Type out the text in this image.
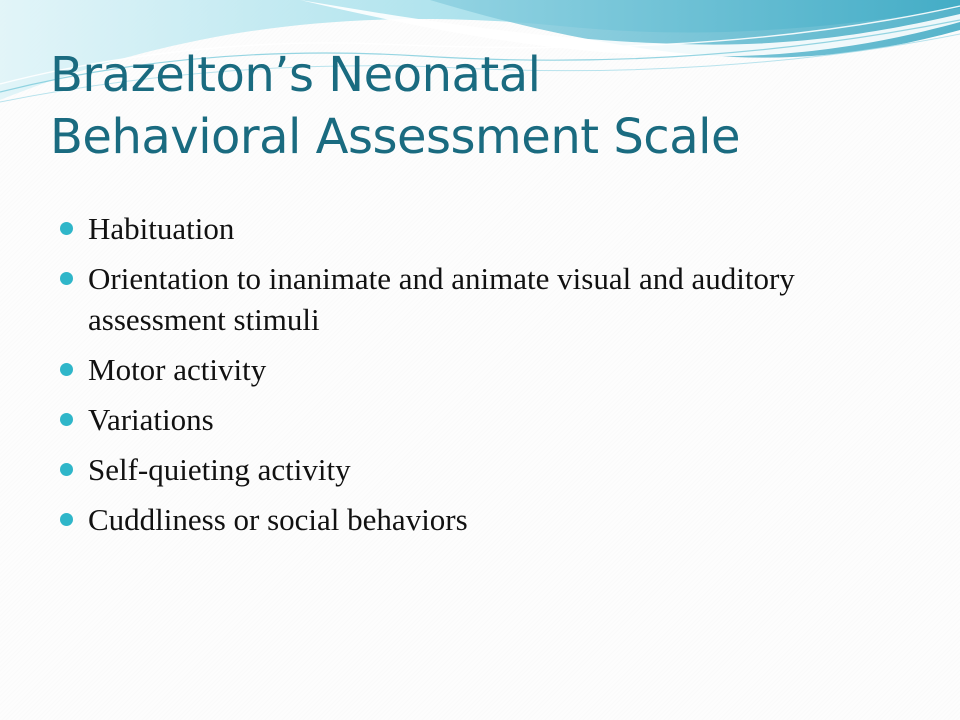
Brazelton’s Neonatal
Behavioral Assessment Scale
Habituation
Orientation to inanimate and animate visual and auditory assessment stimuli
Motor activity
Variations
Self-quieting activity
Cuddliness or social behaviors
